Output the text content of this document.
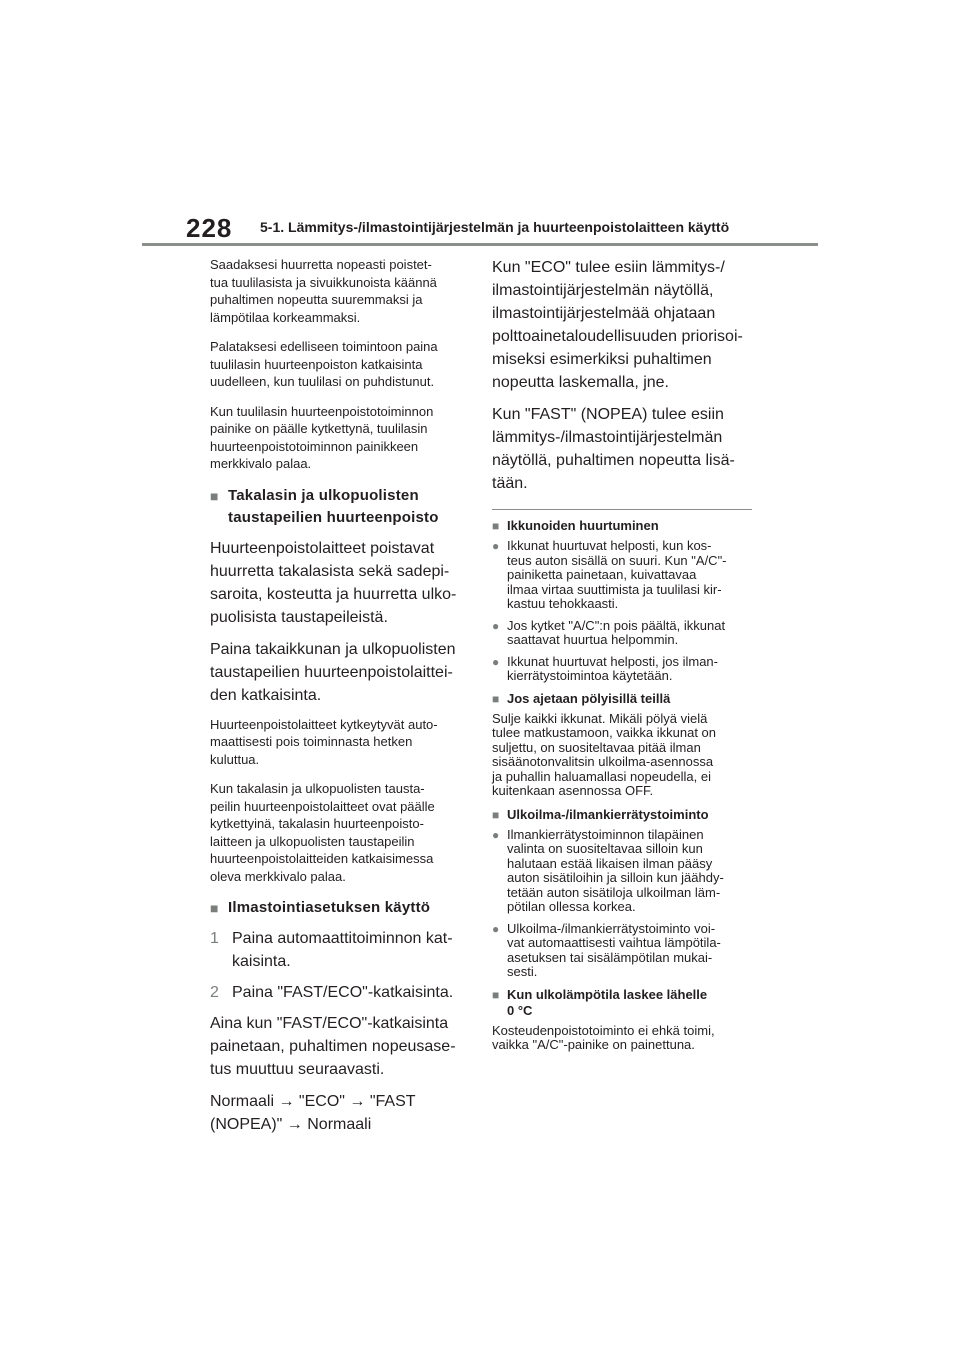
228 5-1. Lämmitys-/ilmastointijärjestelmän ja huurteenpoistolaitteen käyttö

Saadaksesi huurretta nopeasti poistet-
tua tuulilasista ja sivuikkunoista käännä
puhaltimen nopeutta suuremmaksi ja
lämpötilaa korkeammaksi.

Palataksesi edelliseen toimintoon paina
tuulilasin huurteenpoiston katkaisinta
uudelleen, kun tuulilasi on puhdistunut.

Kun tuulilasin huurteenpoistotoiminnon
painike on päälle kytkettynä, tuulilasin
huurteenpoistotoiminnon painikkeen
merkkivalo palaa.

■ Takalasin ja ulkopuolisten
taustapeilien huurteenpoisto

Huurteenpoistolaitteet poistavat
huurretta takalasista sekä sadepi-
saroita, kosteutta ja huurretta ulko-
puolisista taustapeileistä.

Paina takaikkunan ja ulkopuolisten
taustapeilien huurteenpoistolaittei-
den katkaisinta.

Huurteenpoistolaitteet kytkeytyvät auto-
maattisesti pois toiminnasta hetken
kuluttua.

Kun takalasin ja ulkopuolisten tausta-
peilin huurteenpoistolaitteet ovat päälle
kytkettyinä, takalasin huurteenpoisto-
laitteen ja ulkopuolisten taustapeilin
huurteenpoistolaitteiden katkaisimessa
oleva merkkivalo palaa.

■ Ilmastointiasetuksen käyttö
1 Paina automaattitoiminnon kat-
kaisinta.
2 Paina "FAST/ECO"-katkaisinta.

Aina kun "FAST/ECO"-katkaisinta
painetaan, puhaltimen nopeusase-
tus muuttuu seuraavasti.

Normaali → "ECO" → "FAST
(NOPEA)" → Normaali

Kun "ECO" tulee esiin lämmitys-/
ilmastointijärjestelmän näytöllä,
ilmastointijärjestelmää ohjataan
polttoainetaloudellisuuden priorisoi-
miseksi esimerkiksi puhaltimen
nopeutta laskemalla, jne.

Kun "FAST" (NOPEA) tulee esiin
lämmitys-/ilmastointijärjestelmän
näytöllä, puhaltimen nopeutta lisä-
tään.

■ Ikkunoiden huurtuminen
● Ikkunat huurtuvat helposti, kun kos-
teus auton sisällä on suuri. Kun "A/C"-
painiketta painetaan, kuivattavaa
ilmaa virtaa suuttimista ja tuulilasi kir-
kastuu tehokkaasti.
● Jos kytket "A/C":n pois päältä, ikkunat
saattavat huurtua helpommin.
● Ikkunat huurtuvat helposti, jos ilman-
kierrätystoimintoa käytetään.
■ Jos ajetaan pölyisillä teillä

Sulje kaikki ikkunat. Mikäli pölyä vielä
tulee matkustamoon, vaikka ikkunat on
suljettu, on suositeltavaa pitää ilman
sisäänotonvalitsin ulkoilma-asennossa
ja puhallin haluamallasi nopeudella, ei
kuitenkaan asennossa OFF.

■ Ulkoilma-/ilmankierrätystoiminto
● Ilmankierrätystoiminnon tilapäinen
valinta on suositeltavaa silloin kun
halutaan estää likaisen ilman pääsy
auton sisätiloihin ja silloin kun jäähdy-
tetään auton sisätiloja ulkoilman läm-
pötilan ollessa korkea.
● Ulkoilma-/ilmankierrätystoiminto voi-
vat automaattisesti vaihtua lämpötila-
asetuksen tai sisälämpötilan mukai-
sesti.
■ Kun ulkolämpötila laskee lähelle
0 °C

Kosteudenpoistotoiminto ei ehkä toimi,
vaikka "A/C"-painike on painettuna.
